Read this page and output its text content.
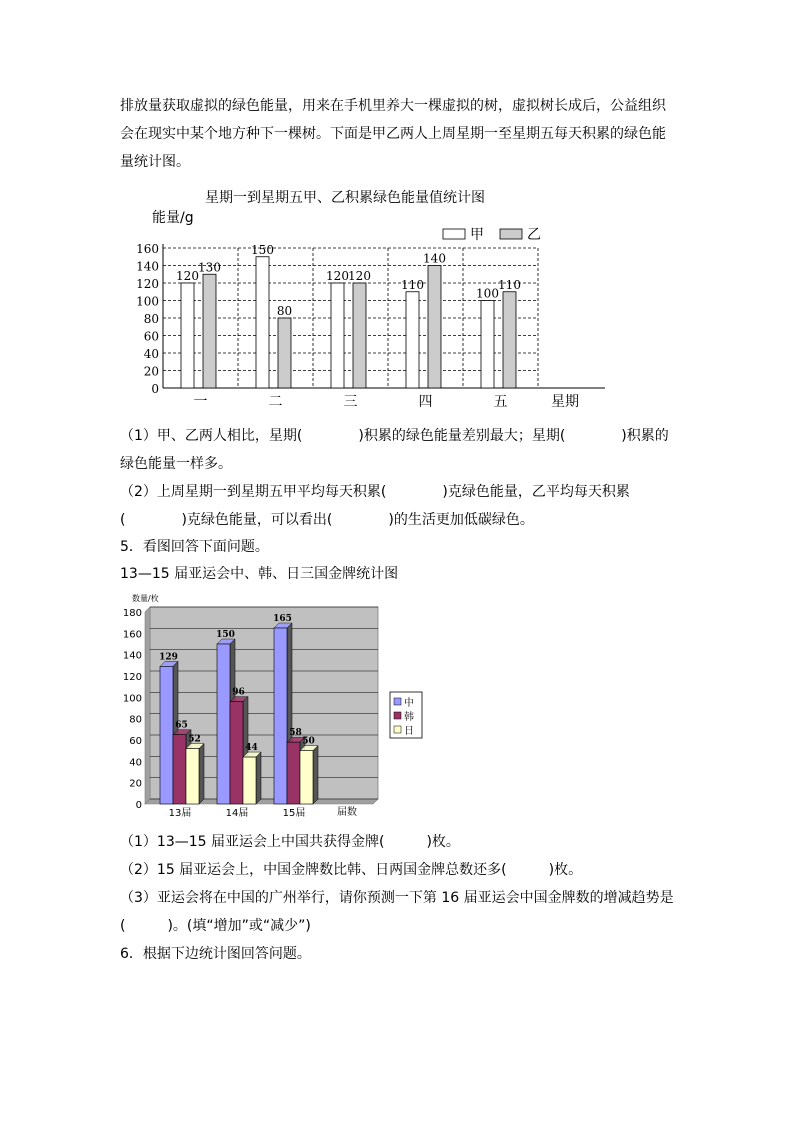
排放量获取虚拟的绿色能量，用来在手机里养大一棵虚拟的树，虚拟树长成后，公益组织

会在现实中某个地方种下一棵树。下面是甲乙两人上周星期一至星期五每天积累的绿色能

量统计图。

星期一到星期五甲、乙积累绿色能量值统计图
能量/g
星期
0
20
40
60
80
100
120
140
160
120
130
一
150
80
二
120 120
三
110
140
四
100
110
五
甲	乙

（1）甲、乙两人相比，星期(　　　　)积累的绿色能量差别最大；星期(　　　　)积累的

绿色能量一样多。

（2）上周星期一到星期五甲平均每天积累(　　　　)克绿色能量，乙平均每天积累

(　　　　)克绿色能量，可以看出(　　　　)的生活更加低碳绿色。

5．看图回答下面问题。

13—15 届亚运会中、韩、日三国金牌统计图

数量/枚
届数
0
20
40
60
80
100
120
140
160
180
129
65
52
13届
150
96
44
14届
165
58
50
15届
中
韩
日

（1）13—15 届亚运会上中国共获得金牌(　　　)枚。

（2）15 届亚运会上，中国金牌数比韩、日两国金牌总数还多(　　　)枚。

（3）亚运会将在中国的广州举行，请你预测一下第 16 届亚运会中国金牌数的增减趋势是

(　　　)。(填“增加”或“减少”)

6．根据下边统计图回答问题。
